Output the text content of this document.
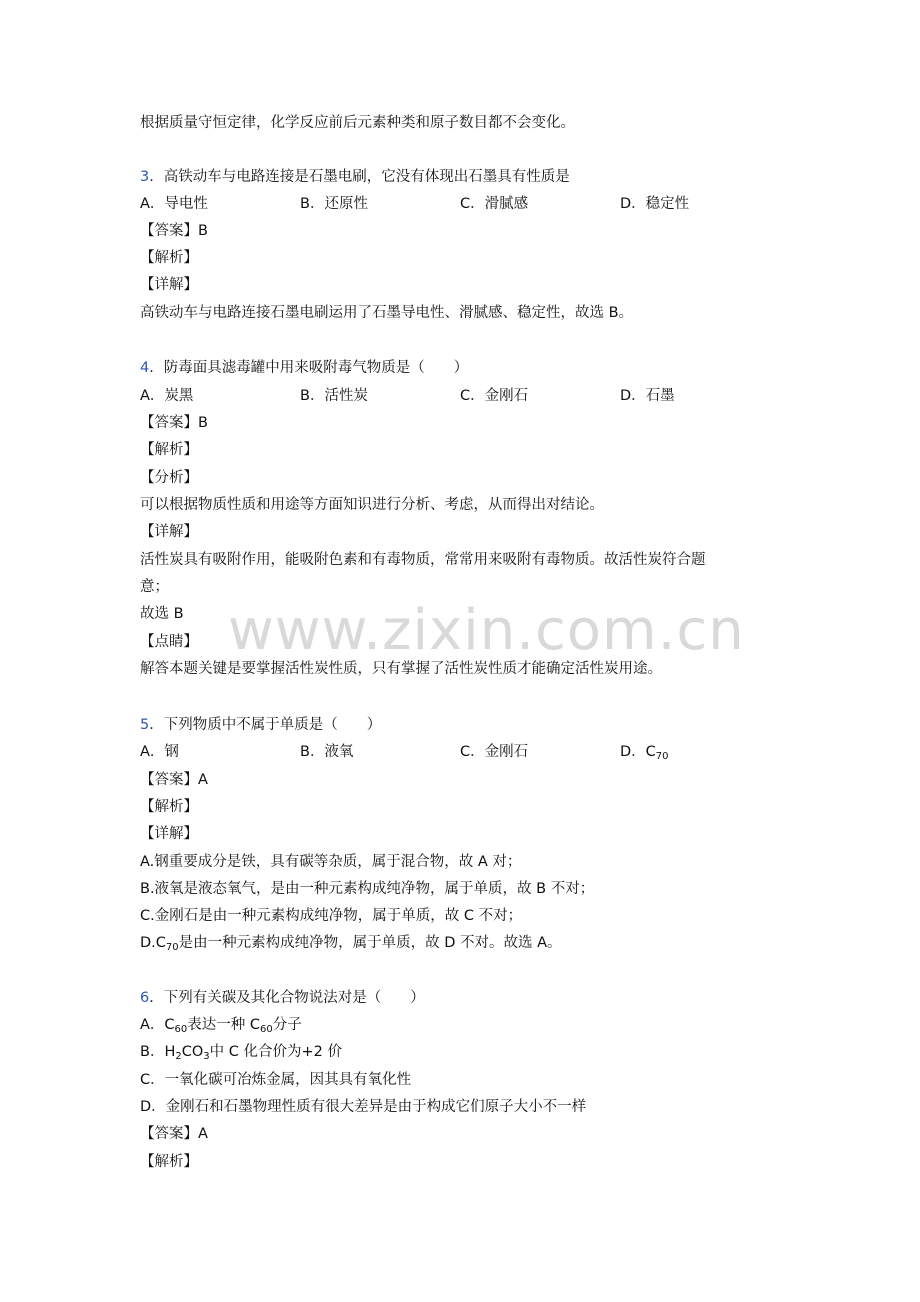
根据质量守恒定律，化学反应前后元素种类和原子数目都不会变化。
3．高铁动车与电路连接是石墨电刷，它没有体现出石墨具有性质是
A．导电性	B．还原性	C．滑腻感	D．稳定性
【答案】B
【解析】
【详解】
高铁动车与电路连接石墨电刷运用了石墨导电性、滑腻感、稳定性，故选 B。
4．防毒面具滤毒罐中用来吸附毒气物质是（　　）
A．炭黑	B．活性炭	C．金刚石	D．石墨
【答案】B
【解析】
【分析】
可以根据物质性质和用途等方面知识进行分析、考虑，从而得出对结论。
【详解】
活性炭具有吸附作用，能吸附色素和有毒物质，常常用来吸附有毒物质。故活性炭符合题
意；
故选 B
【点睛】
解答本题关键是要掌握活性炭性质，只有掌握了活性炭性质才能确定活性炭用途。
5．下列物质中不属于单质是（　　）
A．钢	B．液氧	C．金刚石	D．$C_{70}$
【答案】A
【解析】
【详解】
A.钢重要成分是铁，具有碳等杂质，属于混合物，故 A 对；
B.液氧是液态氧气，是由一种元素构成纯净物，属于单质，故 B 不对；
C.金刚石是由一种元素构成纯净物，属于单质，故 C 不对；
$D.C_{70}$是由一种元素构成纯净物，属于单质，故 D 不对。故选 A。
6．下列有关碳及其化合物说法对是（　　）
A．$C_{60}$表达一种 $C_{60}$分子
B．$H_2CO_3$中 C 化合价为+2 价
C．一氧化碳可冶炼金属，因其具有氧化性
D．金刚石和石墨物理性质有很大差异是由于构成它们原子大小不一样
【答案】A
【解析】
www.zixin.com.cn
